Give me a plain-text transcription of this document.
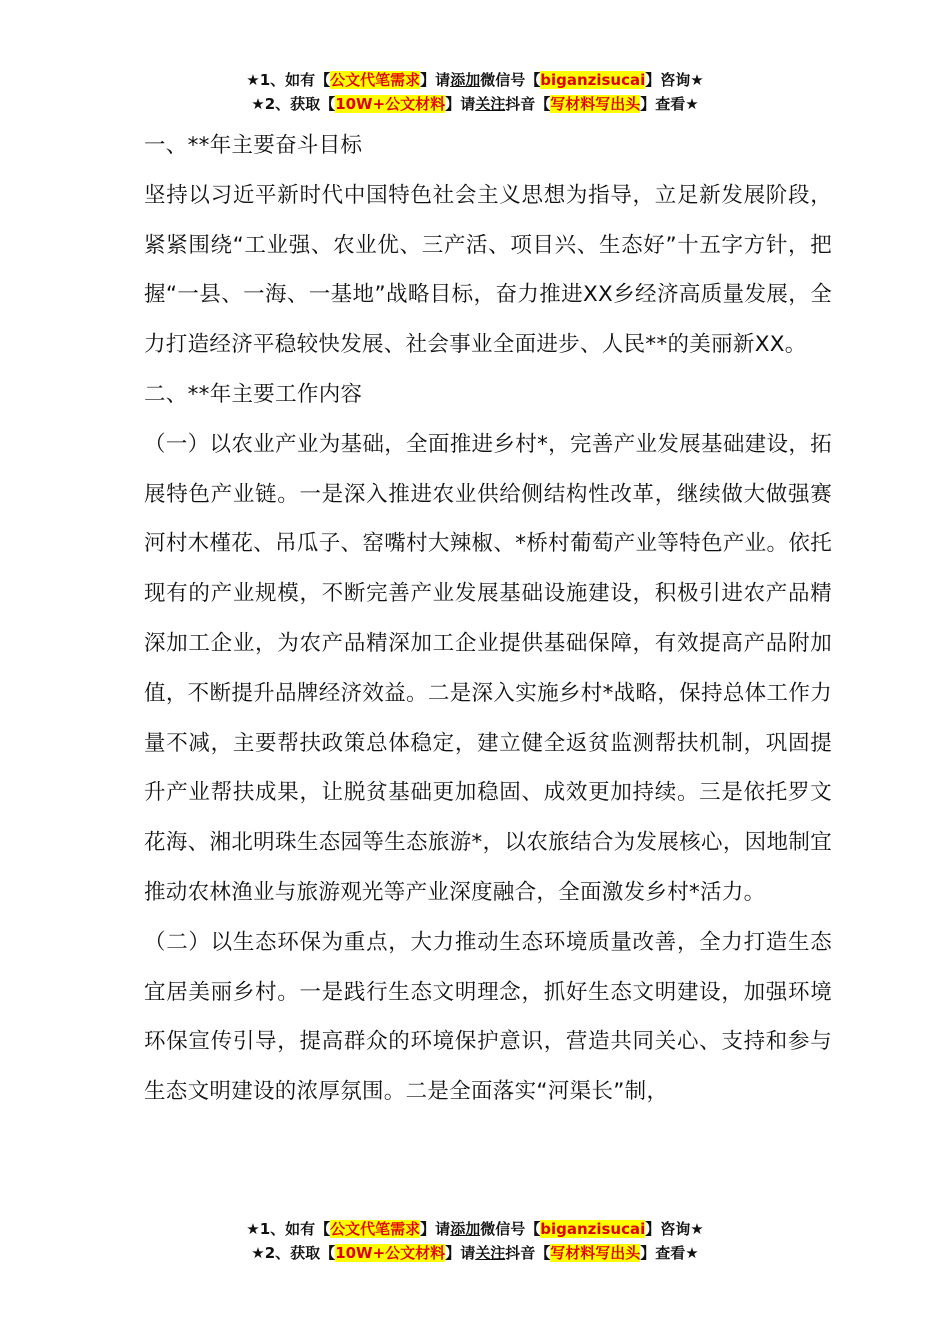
★1、如有【公文代笔需求】请添加微信号【biganzisucai】咨询★
★2、获取【10W+公文材料】请关注抖音【写材料写出头】查看★

一、**年主要奋斗目标

坚持以习近平新时代中国特色社会主义思想为指导，立足新发展阶段，紧紧围绕“工业强、农业优、三产活、项目兴、生态好”十五字方针，把握“一县、一海、一基地”战略目标，奋力推进XX乡经济高质量发展，全力打造经济平稳较快发展、社会事业全面进步、人民**的美丽新XX。

二、**年主要工作内容

（一）以农业产业为基础，全面推进乡村*，完善产业发展基础建设，拓展特色产业链。一是深入推进农业供给侧结构性改革，继续做大做强赛河村木槿花、吊瓜子、窑嘴村大辣椒、*桥村葡萄产业等特色产业。依托现有的产业规模，不断完善产业发展基础设施建设，积极引进农产品精深加工企业，为农产品精深加工企业提供基础保障，有效提高产品附加值，不断提升品牌经济效益。二是深入实施乡村*战略，保持总体工作力量不减，主要帮扶政策总体稳定，建立健全返贫监测帮扶机制，巩固提升产业帮扶成果，让脱贫基础更加稳固、成效更加持续。三是依托罗文花海、湘北明珠生态园等生态旅游*，以农旅结合为发展核心，因地制宜推动农林渔业与旅游观光等产业深度融合，全面激发乡村*活力。

（二）以生态环保为重点，大力推动生态环境质量改善，全力打造生态宜居美丽乡村。一是践行生态文明理念，抓好生态文明建设，加强环境环保宣传引导，提高群众的环境保护意识，营造共同关心、支持和参与生态文明建设的浓厚氛围。二是全面落实“河渠长”制，

★1、如有【公文代笔需求】请添加微信号【biganzisucai】咨询★
★2、获取【10W+公文材料】请关注抖音【写材料写出头】查看★
